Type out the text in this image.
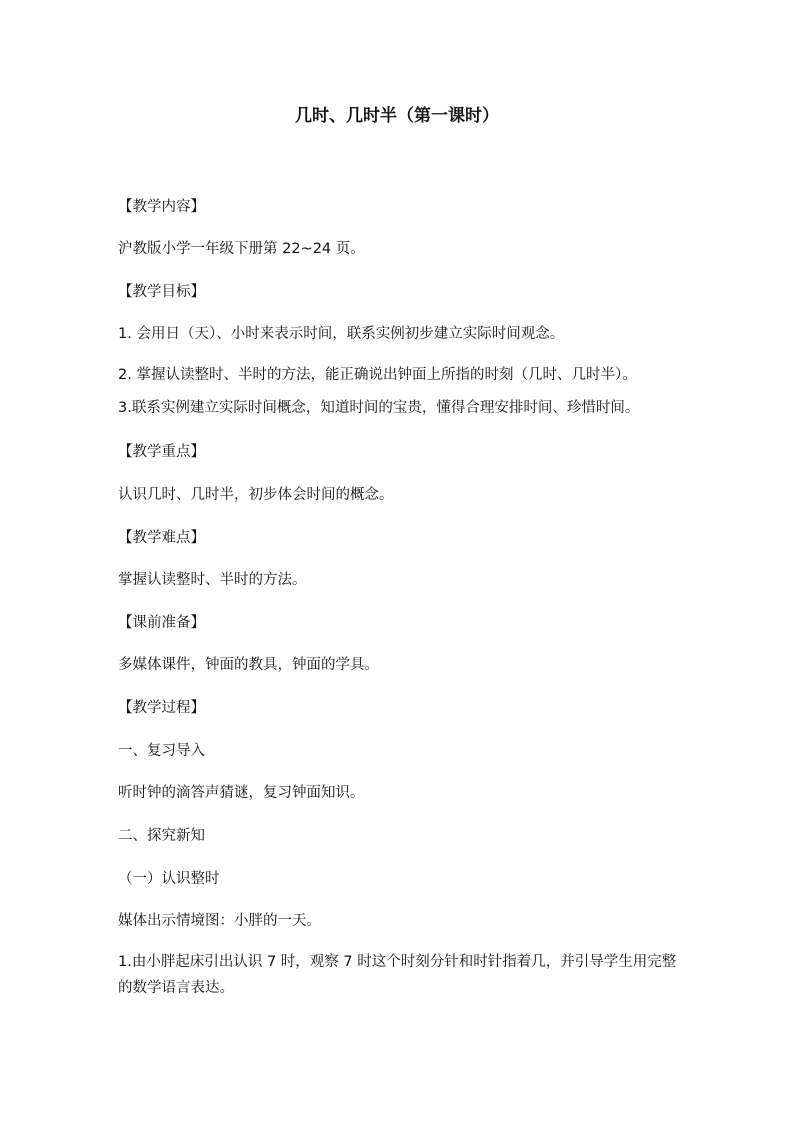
几时、几时半（第一课时）
【教学内容】
沪教版小学一年级下册第 22~24 页。
【教学目标】
1. 会用日（天）、小时来表示时间，联系实例初步建立实际时间观念。
2. 掌握认读整时、半时的方法，能正确说出钟面上所指的时刻（几时、几时半）。
3.联系实例建立实际时间概念，知道时间的宝贵，懂得合理安排时间、珍惜时间。
【教学重点】
认识几时、几时半，初步体会时间的概念。
【教学难点】
掌握认读整时、半时的方法。
【课前准备】
多媒体课件，钟面的教具，钟面的学具。
【教学过程】
一、复习导入
听时钟的滴答声猜谜，复习钟面知识。
二、探究新知
（一）认识整时
媒体出示情境图：小胖的一天。
1.由小胖起床引出认识 7 时，观察 7 时这个时刻分针和时针指着几，并引导学生用完整的数学语言表达。
